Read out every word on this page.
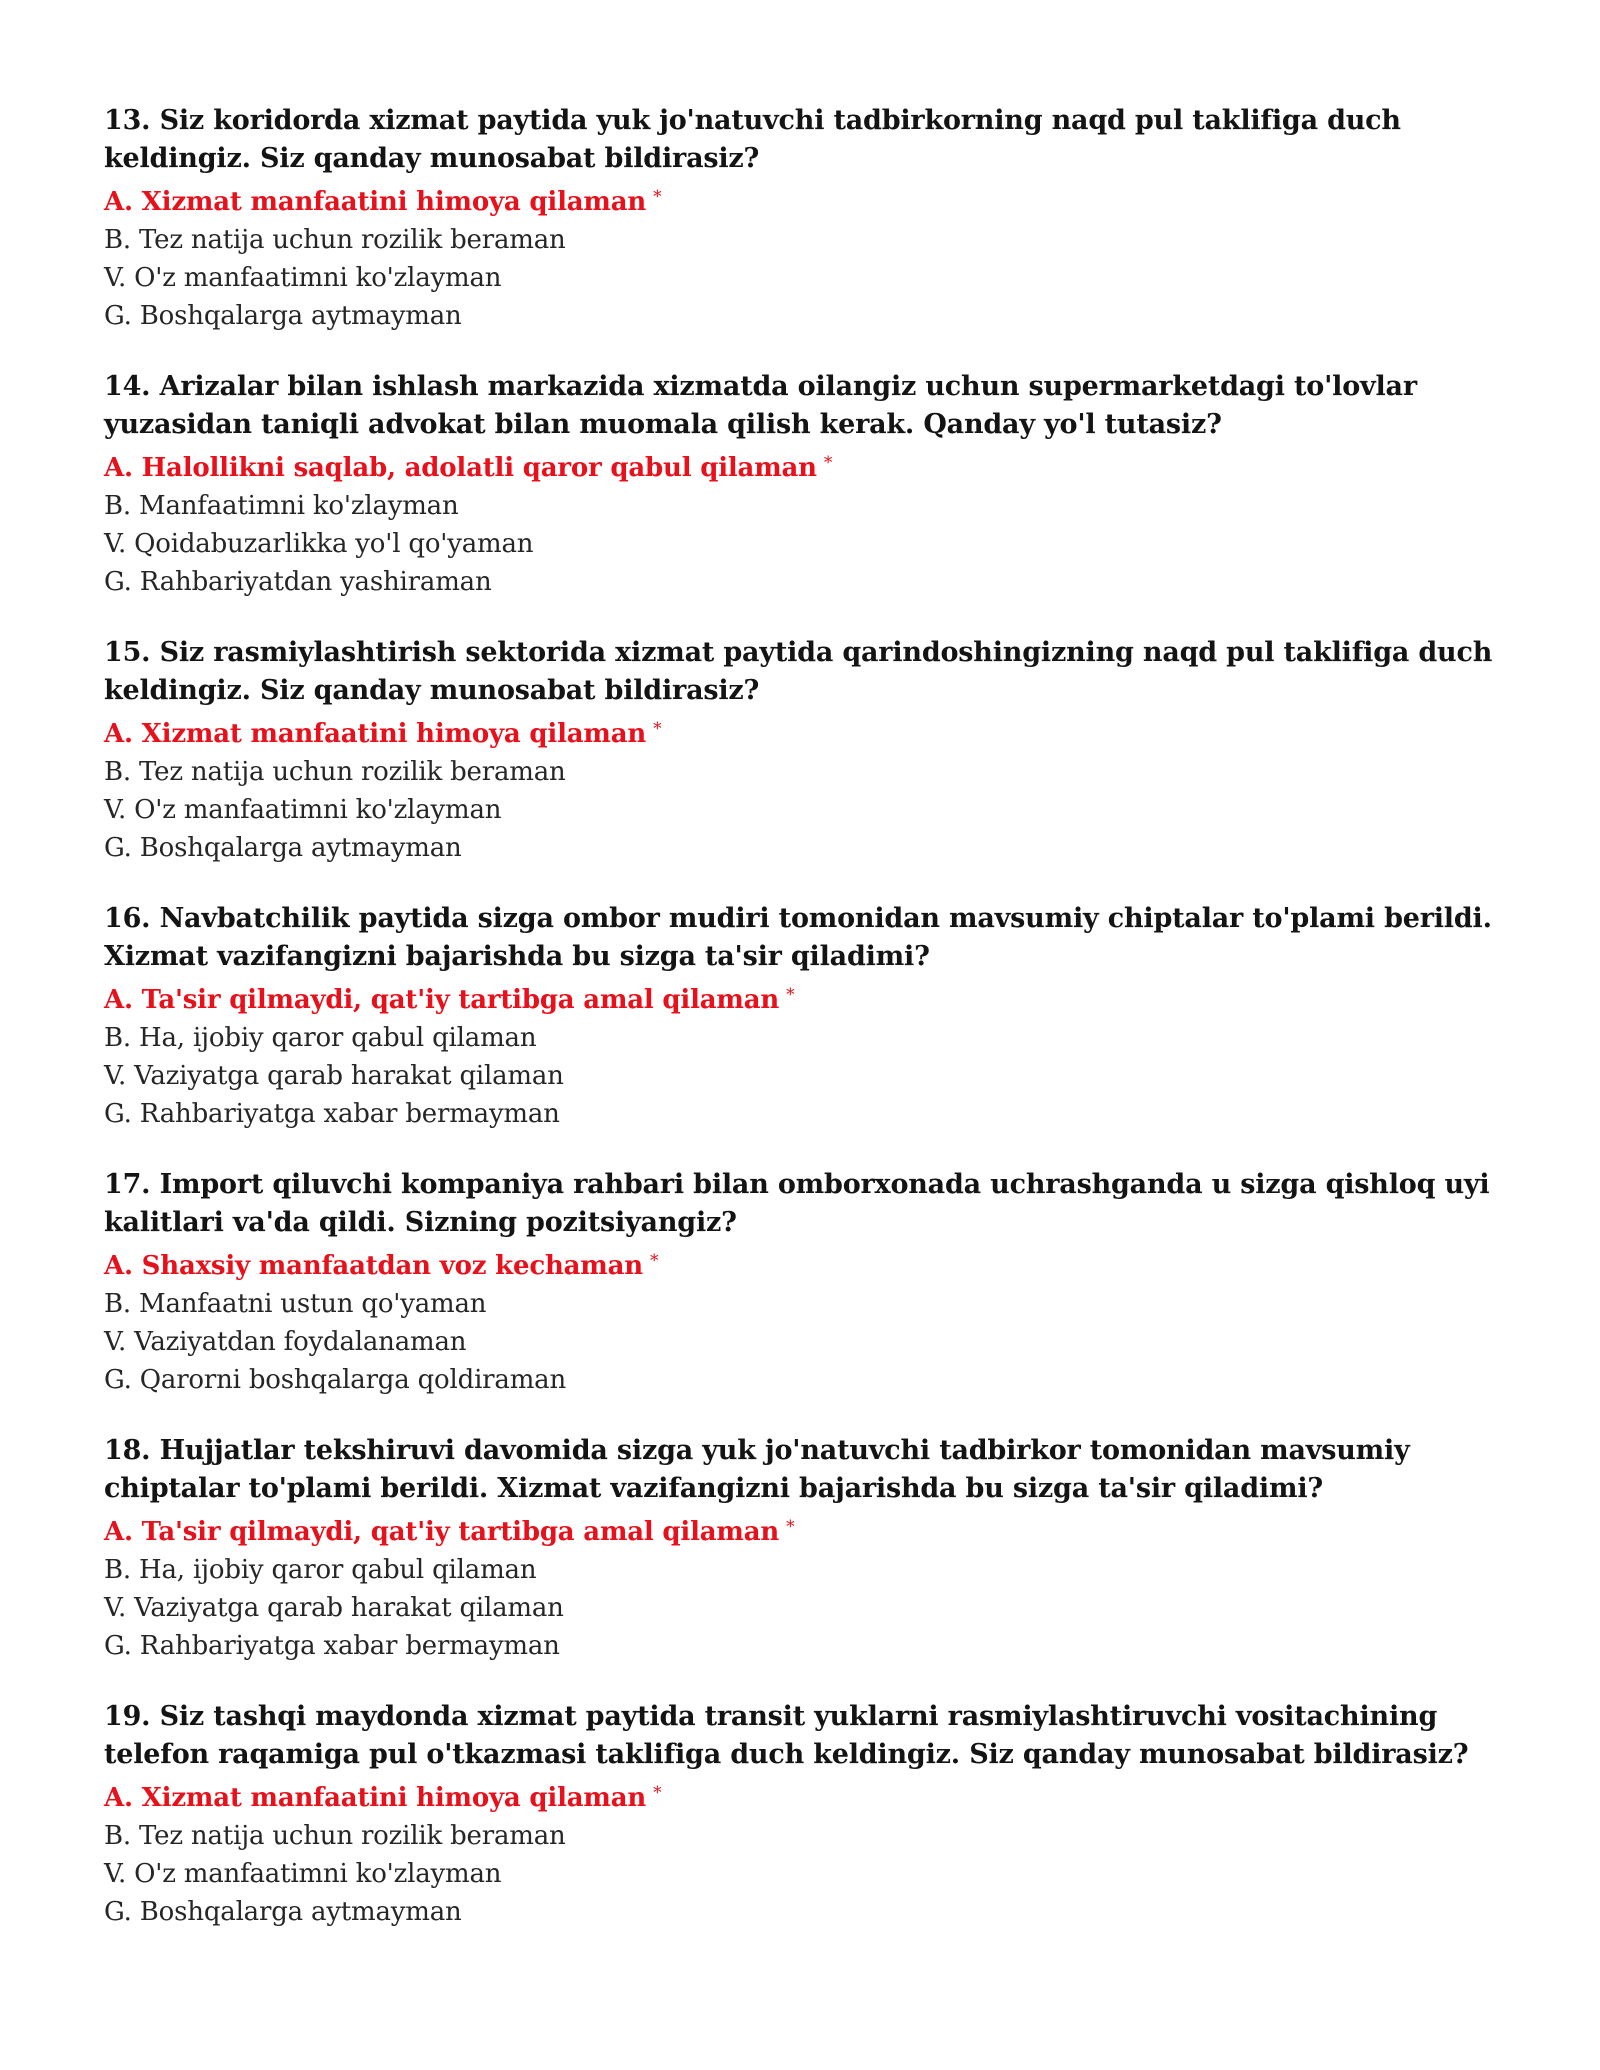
13. Siz koridorda xizmat paytida yuk jo'natuvchi tadbirkorning naqd pul taklifiga duch keldingiz. Siz qanday munosabat bildirasiz?

A. Xizmat manfaatini himoya qilaman *
B. Tez natija uchun rozilik beraman
V. O'z manfaatimni ko'zlayman
G. Boshqalarga aytmayman

14. Arizalar bilan ishlash markazida xizmatda oilangiz uchun supermarketdagi to'lovlar yuzasidan taniqli advokat bilan muomala qilish kerak. Qanday yo'l tutasiz?

A. Halollikni saqlab, adolatli qaror qabul qilaman *
B. Manfaatimni ko'zlayman
V. Qoidabuzarlikka yo'l qo'yaman
G. Rahbariyatdan yashiraman

15. Siz rasmiylashtirish sektorida xizmat paytida qarindoshingizning naqd pul taklifiga duch keldingiz. Siz qanday munosabat bildirasiz?

A. Xizmat manfaatini himoya qilaman *
B. Tez natija uchun rozilik beraman
V. O'z manfaatimni ko'zlayman
G. Boshqalarga aytmayman

16. Navbatchilik paytida sizga ombor mudiri tomonidan mavsumiy chiptalar to'plami berildi. Xizmat vazifangizni bajarishda bu sizga ta'sir qiladimi?

A. Ta'sir qilmaydi, qat'iy tartibga amal qilaman *
B. Ha, ijobiy qaror qabul qilaman
V. Vaziyatga qarab harakat qilaman
G. Rahbariyatga xabar bermayman

17. Import qiluvchi kompaniya rahbari bilan omborxonada uchrashganda u sizga qishloq uyi kalitlari va'da qildi. Sizning pozitsiyangiz?

A. Shaxsiy manfaatdan voz kechaman *
B. Manfaatni ustun qo'yaman
V. Vaziyatdan foydalanaman
G. Qarorni boshqalarga qoldiraman

18. Hujjatlar tekshiruvi davomida sizga yuk jo'natuvchi tadbirkor tomonidan mavsumiy chiptalar to'plami berildi. Xizmat vazifangizni bajarishda bu sizga ta'sir qiladimi?

A. Ta'sir qilmaydi, qat'iy tartibga amal qilaman *
B. Ha, ijobiy qaror qabul qilaman
V. Vaziyatga qarab harakat qilaman
G. Rahbariyatga xabar bermayman

19. Siz tashqi maydonda xizmat paytida transit yuklarni rasmiylashtiruvchi vositachining telefon raqamiga pul o'tkazmasi taklifiga duch keldingiz. Siz qanday munosabat bildirasiz?

A. Xizmat manfaatini himoya qilaman *
B. Tez natija uchun rozilik beraman
V. O'z manfaatimni ko'zlayman
G. Boshqalarga aytmayman
